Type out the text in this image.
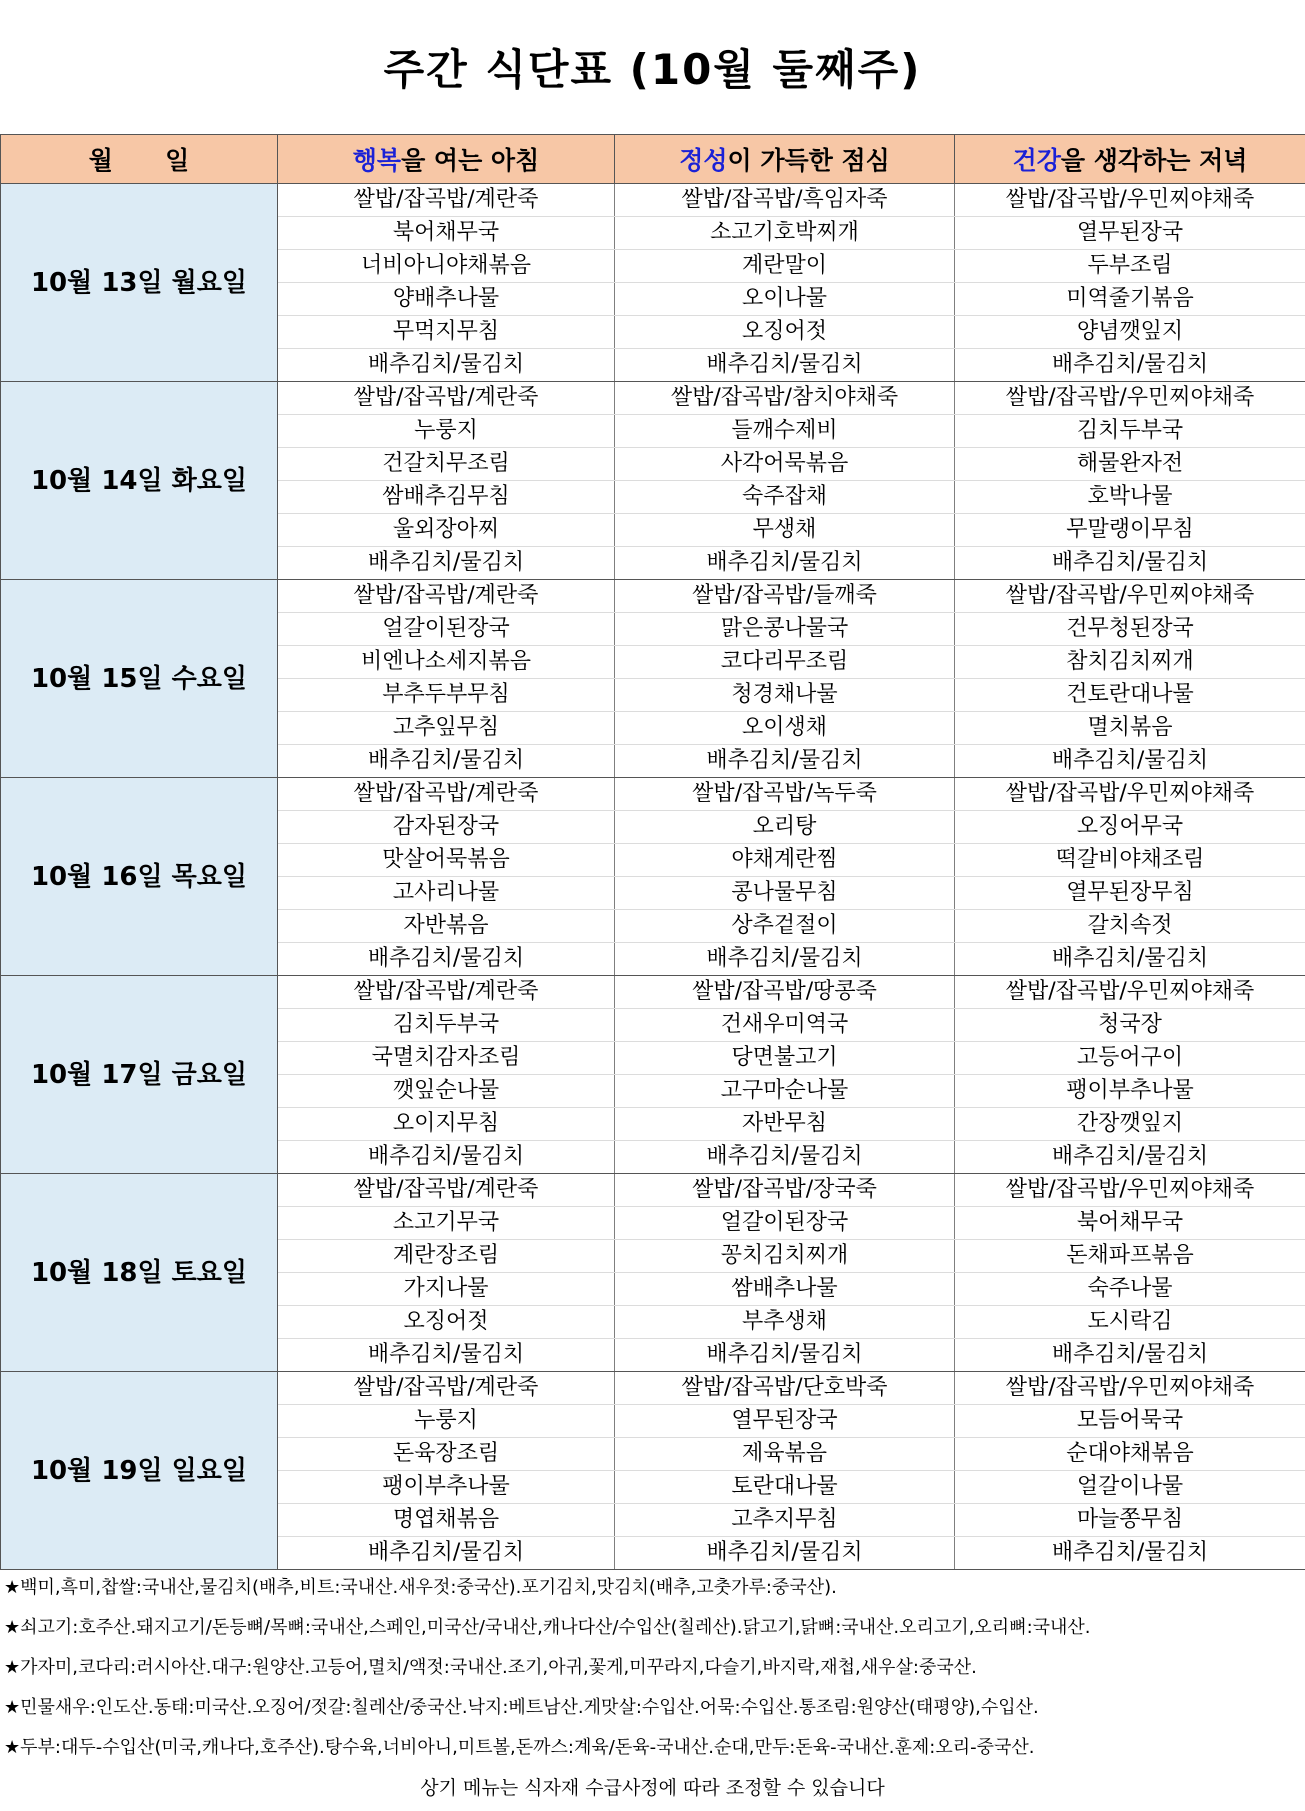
주간 식단표 (10월 둘째주)
월      일	행복을 여는 아침	정성이 가득한 점심	건강을 생각하는 저녁
10월 13일 월요일	쌀밥/잡곡밥/계란죽	쌀밥/잡곡밥/흑임자죽	쌀밥/잡곡밥/우민찌야채죽
	북어채무국	소고기호박찌개	열무된장국
	너비아니야채볶음	계란말이	두부조림
	양배추나물	오이나물	미역줄기볶음
	무먹지무침	오징어젓	양념깻잎지
	배추김치/물김치	배추김치/물김치	배추김치/물김치
10월 14일 화요일	쌀밥/잡곡밥/계란죽	쌀밥/잡곡밥/참치야채죽	쌀밥/잡곡밥/우민찌야채죽
	누룽지	들깨수제비	김치두부국
	건갈치무조림	사각어묵볶음	해물완자전
	쌈배추김무침	숙주잡채	호박나물
	울외장아찌	무생채	무말랭이무침
	배추김치/물김치	배추김치/물김치	배추김치/물김치
10월 15일 수요일	쌀밥/잡곡밥/계란죽	쌀밥/잡곡밥/들깨죽	쌀밥/잡곡밥/우민찌야채죽
	얼갈이된장국	맑은콩나물국	건무청된장국
	비엔나소세지볶음	코다리무조림	참치김치찌개
	부추두부무침	청경채나물	건토란대나물
	고추잎무침	오이생채	멸치볶음
	배추김치/물김치	배추김치/물김치	배추김치/물김치
10월 16일 목요일	쌀밥/잡곡밥/계란죽	쌀밥/잡곡밥/녹두죽	쌀밥/잡곡밥/우민찌야채죽
	감자된장국	오리탕	오징어무국
	맛살어묵볶음	야채계란찜	떡갈비야채조림
	고사리나물	콩나물무침	열무된장무침
	자반볶음	상추겉절이	갈치속젓
	배추김치/물김치	배추김치/물김치	배추김치/물김치
10월 17일 금요일	쌀밥/잡곡밥/계란죽	쌀밥/잡곡밥/땅콩죽	쌀밥/잡곡밥/우민찌야채죽
	김치두부국	건새우미역국	청국장
	국멸치감자조림	당면불고기	고등어구이
	깻잎순나물	고구마순나물	팽이부추나물
	오이지무침	자반무침	간장깻잎지
	배추김치/물김치	배추김치/물김치	배추김치/물김치
10월 18일 토요일	쌀밥/잡곡밥/계란죽	쌀밥/잡곡밥/장국죽	쌀밥/잡곡밥/우민찌야채죽
	소고기무국	얼갈이된장국	북어채무국
	계란장조림	꽁치김치찌개	돈채파프볶음
	가지나물	쌈배추나물	숙주나물
	오징어젓	부추생채	도시락김
	배추김치/물김치	배추김치/물김치	배추김치/물김치
10월 19일 일요일	쌀밥/잡곡밥/계란죽	쌀밥/잡곡밥/단호박죽	쌀밥/잡곡밥/우민찌야채죽
	누룽지	열무된장국	모듬어묵국
	돈육장조림	제육볶음	순대야채볶음
	팽이부추나물	토란대나물	얼갈이나물
	명엽채볶음	고추지무침	마늘쫑무침
	배추김치/물김치	배추김치/물김치	배추김치/물김치
★백미,흑미,찹쌀:국내산,물김치(배추,비트:국내산.새우젓:중국산).포기김치,맛김치(배추,고춧가루:중국산).
★쇠고기:호주산.돼지고기/돈등뼈/목뼈:국내산,스페인,미국산/국내산,캐나다산/수입산(칠레산).닭고기,닭뼈:국내산.오리고기,오리뼈:국내산.
★가자미,코다리:러시아산.대구:원양산.고등어,멸치/액젓:국내산.조기,아귀,꽃게,미꾸라지,다슬기,바지락,재첩,새우살:중국산.
★민물새우:인도산.동태:미국산.오징어/젓갈:칠레산/중국산.낙지:베트남산.게맛살:수입산.어묵:수입산.통조림:원양산(태평양),수입산.
★두부:대두-수입산(미국,캐나다,호주산).탕수육,너비아니,미트볼,돈까스:계육/돈육-국내산.순대,만두:돈육-국내산.훈제:오리-중국산.
상기 메뉴는 식자재 수급사정에 따라 조정할 수 있습니다
